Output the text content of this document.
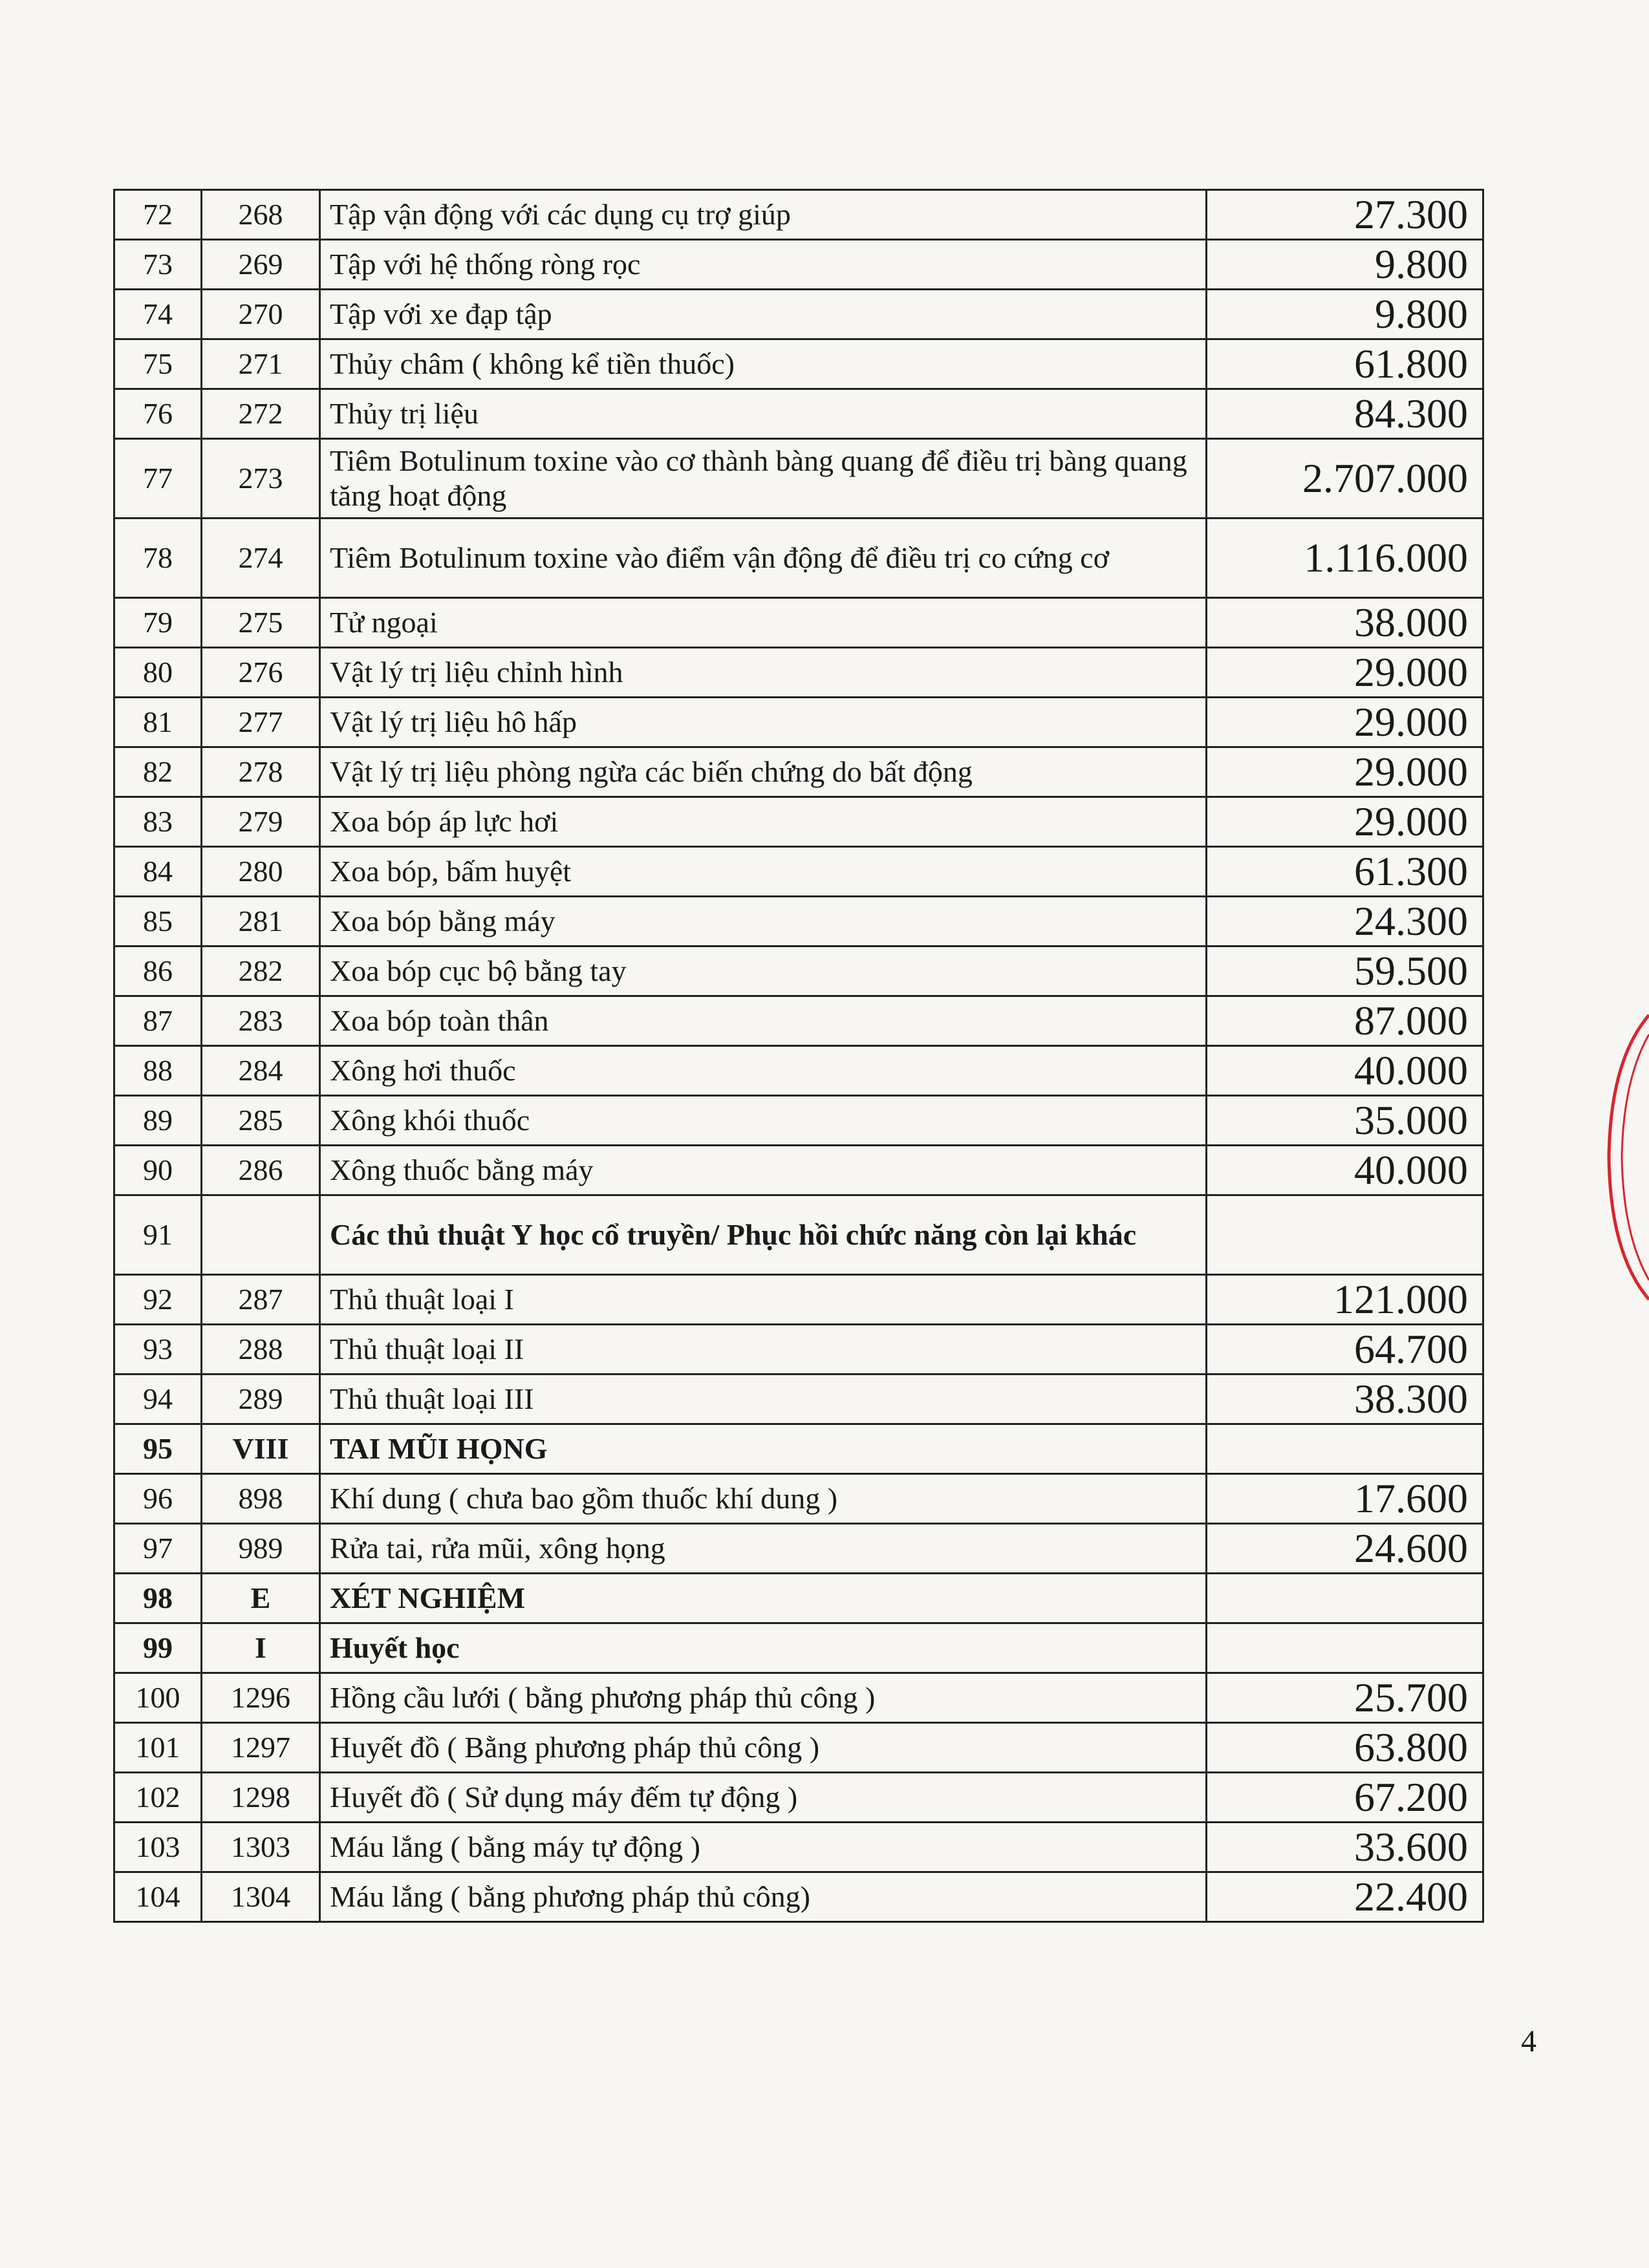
72	268	Tập vận động với các dụng cụ trợ giúp	27.300
73	269	Tập với hệ thống ròng rọc	9.800
74	270	Tập với xe đạp tập	9.800
75	271	Thủy châm ( không kể tiền thuốc)	61.800
76	272	Thủy trị liệu	84.300
77	273	Tiêm Botulinum toxine vào cơ thành bàng quang để điều trị bàng quang tăng hoạt động	2.707.000
78	274	Tiêm Botulinum toxine vào điểm vận động để điều trị co cứng cơ	1.116.000
79	275	Tử ngoại	38.000
80	276	Vật lý trị liệu chỉnh hình	29.000
81	277	Vật lý trị liệu hô hấp	29.000
82	278	Vật lý trị liệu phòng ngừa các biến chứng do bất động	29.000
83	279	Xoa bóp áp lực hơi	29.000
84	280	Xoa bóp, bấm huyệt	61.300
85	281	Xoa bóp bằng máy	24.300
86	282	Xoa bóp cục bộ bằng tay	59.500
87	283	Xoa bóp toàn thân	87.000
88	284	Xông hơi thuốc	40.000
89	285	Xông khói thuốc	35.000
90	286	Xông thuốc bằng máy	40.000
91		Các thủ thuật Y học cổ truyền/ Phục hồi chức năng còn lại khác	
92	287	Thủ thuật loại I	121.000
93	288	Thủ thuật loại II	64.700
94	289	Thủ thuật loại III	38.300
95	VIII	TAI MŨI HỌNG	
96	898	Khí dung ( chưa bao gồm thuốc khí dung )	17.600
97	989	Rửa tai, rửa mũi, xông họng	24.600
98	E	XÉT NGHIỆM	
99	I	Huyết học	
100	1296	Hồng cầu lưới ( bằng phương pháp thủ công )	25.700
101	1297	Huyết đồ ( Bằng phương pháp thủ công )	63.800
102	1298	Huyết đồ ( Sử dụng máy đếm tự động )	67.200
103	1303	Máu lắng ( bằng máy tự động )	33.600
104	1304	Máu lắng ( bằng phương pháp thủ công)	22.400
4
